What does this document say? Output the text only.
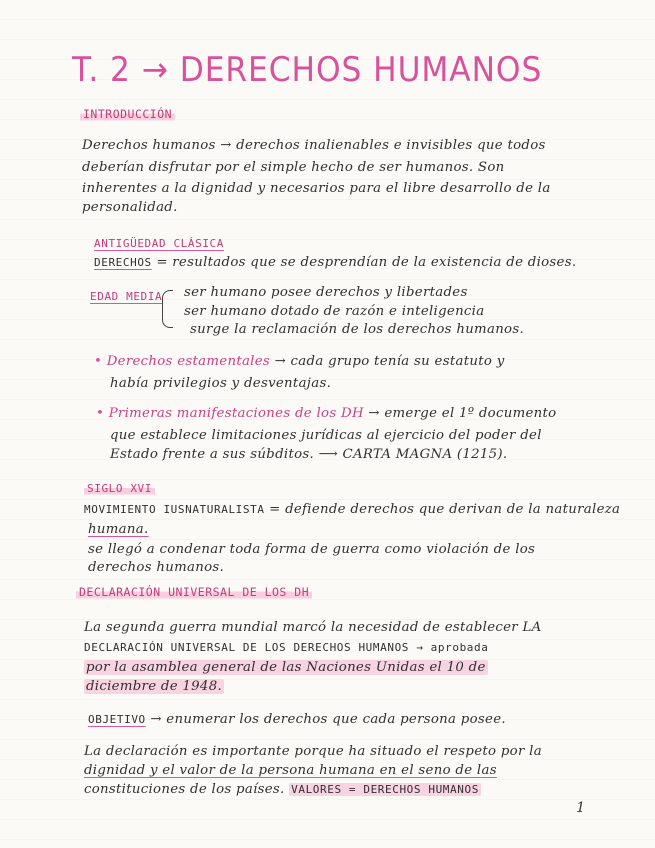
T. 2 → DERECHOS HUMANOS
INTRODUCCIÓN
Derechos humanos → derechos inalienables e invisibles que todos
deberían disfrutar por el simple hecho de ser humanos. Son
inherentes a la dignidad y necesarios para el libre desarrollo de la
personalidad.
ANTIGÜEDAD CLÁSICA
DERECHOS = resultados que se desprendían de la existencia de dioses.
EDAD MEDIA ser humano posee derechos y libertades
ser humano dotado de razón e inteligencia
surge la reclamación de los derechos humanos.
• Derechos estamentales → cada grupo tenía su estatuto y
había privilegios y desventajas.
• Primeras manifestaciones de los DH → emerge el 1º documento
que establece limitaciones jurídicas al ejercicio del poder del
Estado frente a sus súbditos. ⟶ CARTA MAGNA (1215).
SIGLO XVI
MOVIMIENTO IUSNATURALISTA = defiende derechos que derivan de la naturaleza
humana.
se llegó a condenar toda forma de guerra como violación de los
derechos humanos.
DECLARACIÓN UNIVERSAL DE LOS DH
La segunda guerra mundial marcó la necesidad de establecer LA
DECLARACIÓN UNIVERSAL DE LOS DERECHOS HUMANOS → aprobada
por la asamblea general de las Naciones Unidas el 10 de
diciembre de 1948.
OBJETIVO → enumerar los derechos que cada persona posee.
La declaración es importante porque ha situado el respeto por la
dignidad y el valor de la persona humana en el seno de las
constituciones de los países. VALORES = DERECHOS HUMANOS
1
